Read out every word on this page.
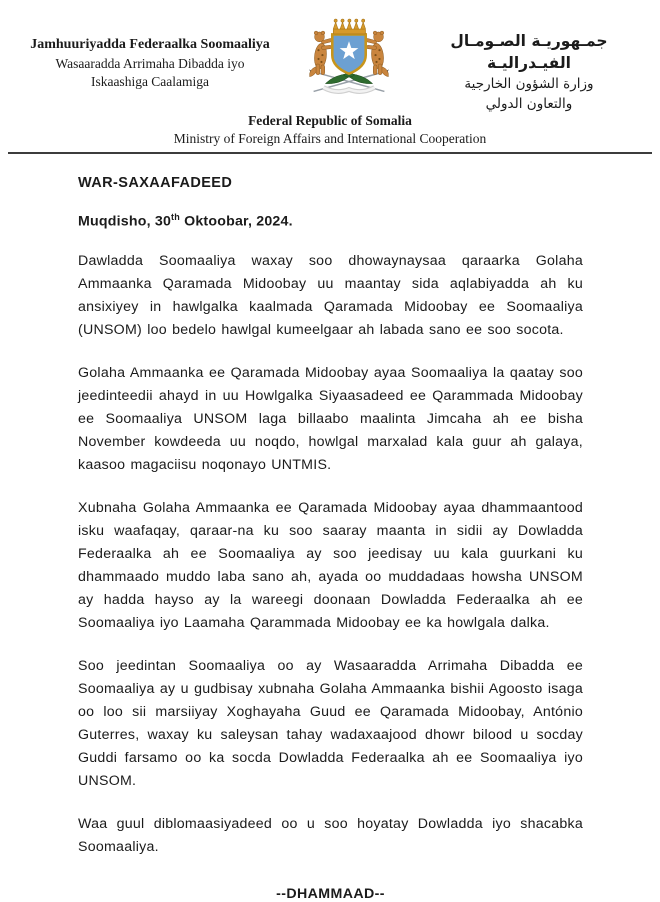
Jamhuuriyadda Federaalka Soomaaliya
Wasaaradda Arrimaha Dibadda iyo
Iskaashiga Caalamiga
جمـهوريـة الصـومـال الفيـدراليـة
وزارة الشؤون الخارجية
والتعاون الدولي
Federal Republic of Somalia
Ministry of Foreign Affairs and International Cooperation
WAR-SAXAAFADEED

Muqdisho, 30th Oktoobar, 2024.

Dawladda Soomaaliya waxay soo dhowaynaysaa qaraarka Golaha Ammaanka Qaramada Midoobay uu maantay sida aqlabiyadda ah ku ansixiyey in hawlgalka kaalmada Qaramada Midoobay ee Soomaaliya (UNSOM) loo bedelo hawlgal kumeelgaar ah labada sano ee soo socota.

Golaha Ammaanka ee Qaramada Midoobay ayaa Soomaaliya la qaatay soo jeedinteedii ahayd in uu Howlgalka Siyaasadeed ee Qarammada Midoobay ee Soomaaliya UNSOM laga billaabo maalinta Jimcaha ah ee bisha November kowdeeda uu noqdo, howlgal marxalad kala guur ah galaya, kaasoo magaciisu noqonayo UNTMIS.

Xubnaha Golaha Ammaanka ee Qaramada Midoobay ayaa dhammaantood isku waafaqay, qaraar-na ku soo saaray maanta in sidii ay Dowladda Federaalka ah ee Soomaaliya ay soo jeedisay uu kala guurkani ku dhammaado muddo laba sano ah, ayada oo muddadaas howsha UNSOM ay hadda hayso ay la wareegi doonaan Dowladda Federaalka ah ee Soomaaliya iyo Laamaha Qarammada Midoobay ee ka howlgala dalka.

Soo jeedintan Soomaaliya oo ay Wasaaradda Arrimaha Dibadda ee Soomaaliya ay u gudbisay xubnaha Golaha Ammaanka bishii Agoosto isaga oo loo sii marsiiyay Xoghayaha Guud ee Qaramada Midoobay, António Guterres, waxay ku saleysan tahay wadaxaajood dhowr bilood u socday Guddi farsamo oo ka socda Dowladda Federaalka ah ee Soomaaliya iyo UNSOM.

Waa guul diblomaasiyadeed oo u soo hoyatay Dowladda iyo shacabka Soomaaliya.

--DHAMMAAD--
